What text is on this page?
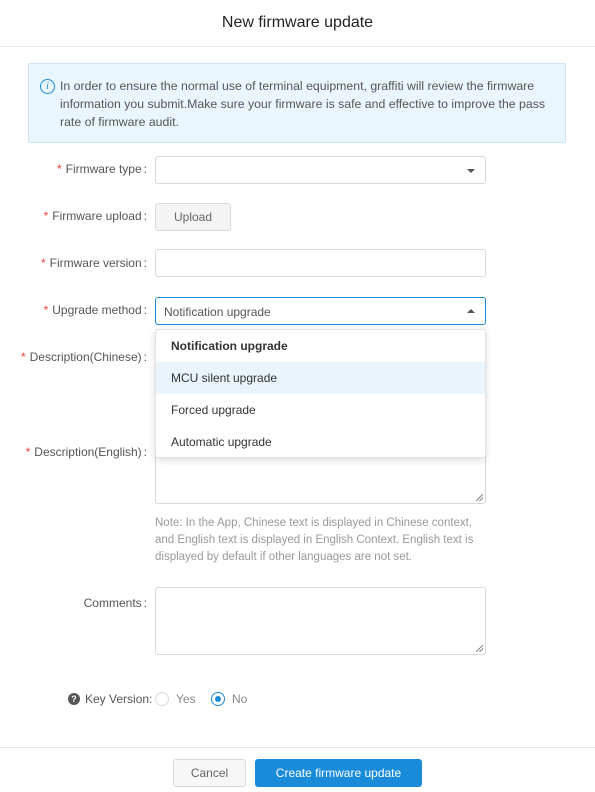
New firmware update
i In order to ensure the normal use of terminal equipment, graffiti will review the firmware information you submit.Make sure your firmware is safe and effective to improve the pass rate of firmware audit.
* Firmware type :
* Firmware upload :	Upload
* Firmware version :
* Upgrade method : Notification upgrade
Notification upgrade
MCU silent upgrade
Forced upgrade
Automatic upgrade
* Description(Chinese) :
* Description(English) :
Note: In the App, Chinese text is displayed in Chinese context, and English text is displayed in English Context. English text is displayed by default if other languages are not set.
Comments :
? Key Version : Yes	No
Cancel	Create firmware update
